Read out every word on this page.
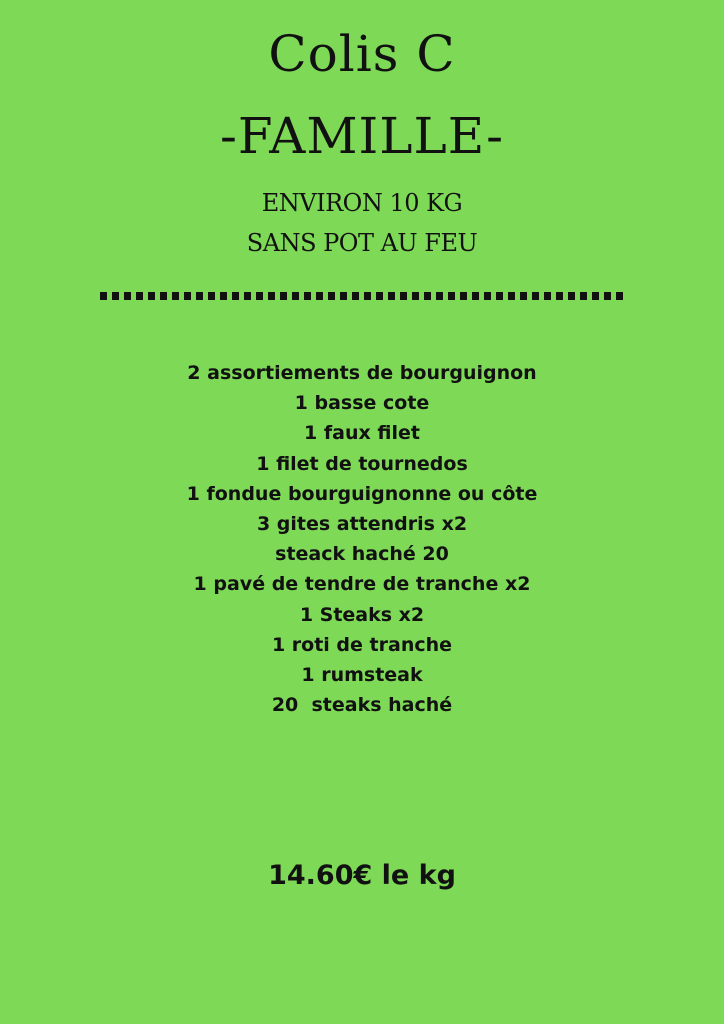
Colis C
-FAMILLE-
ENVIRON 10 KG
SANS POT AU FEU
2 assortiements de bourguignon
1 basse cote
1 faux filet
1 filet de tournedos
1 fondue bourguignonne ou côte
3 gites attendris x2
steack haché 20
1 pavé de tendre de tranche x2
1 Steaks x2
1 roti de tranche
1 rumsteak
20  steaks haché
14.60€ le kg
